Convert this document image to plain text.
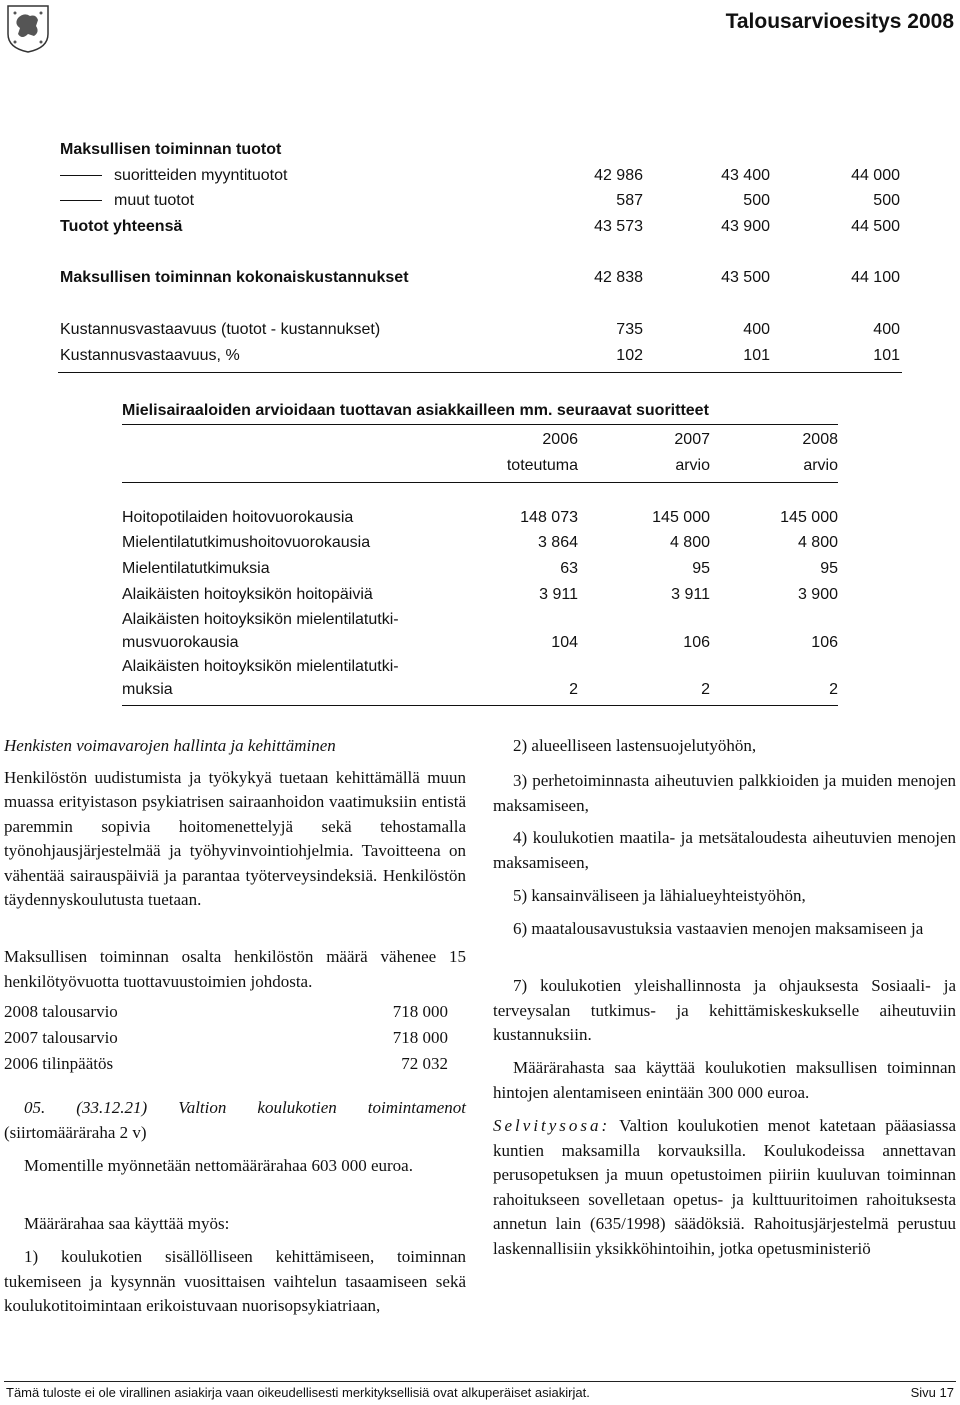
Talousarvioesitys 2008
Maksullisen toiminnan tuotot
suoritteiden myyntituotot	42 986	43 400	44 000
muut tuotot	587	500	500
Tuotot yhteensä	43 573	43 900	44 500
Maksullisen toiminnan kokonaiskustannukset	42 838	43 500	44 100
Kustannusvastaavuus (tuotot - kustannukset)	735	400	400
Kustannusvastaavuus, %	102	101	101
Mielisairaaloiden arvioidaan tuottavan asiakkailleen mm. seuraavat suoritteet
2006	2007	2008
toteutuma	arvio	arvio
Hoitopotilaiden hoitovuorokausia	148 073	145 000	145 000
Mielentilatutkimushoitovuorokausia	3 864	4 800	4 800
Mielentilatutkimuksia	63	95	95
Alaikäisten hoitoyksikön hoitopäiviä	3 911	3 911	3 900
Alaikäisten hoitoyksikön mielentilatutki-
musvuorokausia	104	106	106
Alaikäisten hoitoyksikön mielentilatutki-
muksia	2	2	2

Henkisten voimavarojen hallinta ja kehittäminen

Henkilöstön uudistumista ja työkykyä tuetaan kehittämällä muun muassa erityistason psykiatrisen sairaanhoidon vaatimuksiin entistä paremmin sopivia hoitomenettelyjä sekä tehostamalla työnohjausjärjestelmää ja työhyvinvointiohjelmia. Tavoitteena on vähentää sairauspäiviä ja parantaa työterveysindeksiä. Henkilöstön täydennyskoulutusta tuetaan.

Maksullisen toiminnan osalta henkilöstön määrä vähenee 15 henkilötyövuotta tuottavuustoimien johdosta.
2008 talousarvio	718 000
2007 talousarvio	718 000
2006 tilinpäätös	72 032
05. (33.12.21) Valtion koulukotien toimintamenot (siirtomääräraha 2 v)

Momentille myönnetään nettomäärärahaa 603 000 euroa.

Määrärahaa saa käyttää myös:

1) koulukotien sisällölliseen kehittämiseen, toiminnan tukemiseen ja kysynnän vuosittaisen vaihtelun tasaamiseen sekä koulukotitoimintaan erikoistuvaan nuorisopsykiatriaan,

2) alueelliseen lastensuojelutyöhön,

3) perhetoiminnasta aiheutuvien palkkioiden ja muiden menojen maksamiseen,

4) koulukotien maatila- ja metsätaloudesta aiheutuvien menojen maksamiseen,

5) kansainväliseen ja lähialueyhteistyöhön,

6) maatalousavustuksia vastaavien menojen maksamiseen ja

7) koulukotien yleishallinnosta ja ohjauksesta Sosiaali- ja terveysalan tutkimus- ja kehittämiskeskukselle aiheutuviin kustannuksiin.

Määrärahasta saa käyttää koulukotien maksullisen toiminnan hintojen alentamiseen enintään 300 000 euroa.

Selvitysosa: Valtion koulukotien menot katetaan pääasiassa kuntien maksamilla korvauksilla. Koulukodeissa annettavan perusopetuksen ja muun opetustoimen piiriin kuuluvan toiminnan rahoitukseen sovelletaan opetus- ja kulttuuritoimen rahoituksesta annetun lain (635/1998) säädöksiä. Rahoitusjärjestelmä perustuu laskennallisiin yksikköhintoihin, jotka opetusministeriö
Tämä tuloste ei ole virallinen asiakirja vaan oikeudellisesti merkityksellisiä ovat alkuperäiset asiakirjat.	Sivu 17
